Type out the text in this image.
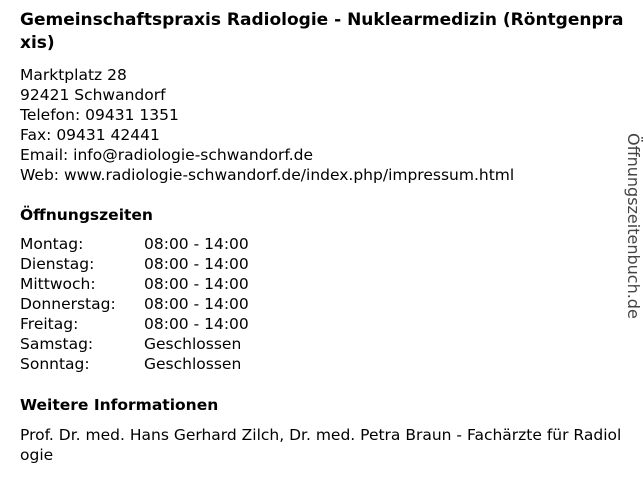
Gemeinschaftspraxis Radiologie - Nuklearmedizin (Röntgenpraxis)
Marktplatz 28
92421 Schwandorf
Telefon: 09431 1351
Fax: 09431 42441
Email: info@radiologie-schwandorf.de
Web: www.radiologie-schwandorf.de/index.php/impressum.html
Öffnungszeiten
Montag:	08:00 - 14:00
Dienstag:	08:00 - 14:00
Mittwoch:	08:00 - 14:00
Donnerstag: 08:00 - 14:00
Freitag:	08:00 - 14:00
Samstag:	Geschlossen
Sonntag:	Geschlossen
Weitere Informationen
Prof. Dr. med. Hans Gerhard Zilch, Dr. med. Petra Braun - Fachärzte für Radiologie
Öffnungszeitenbuch.de
